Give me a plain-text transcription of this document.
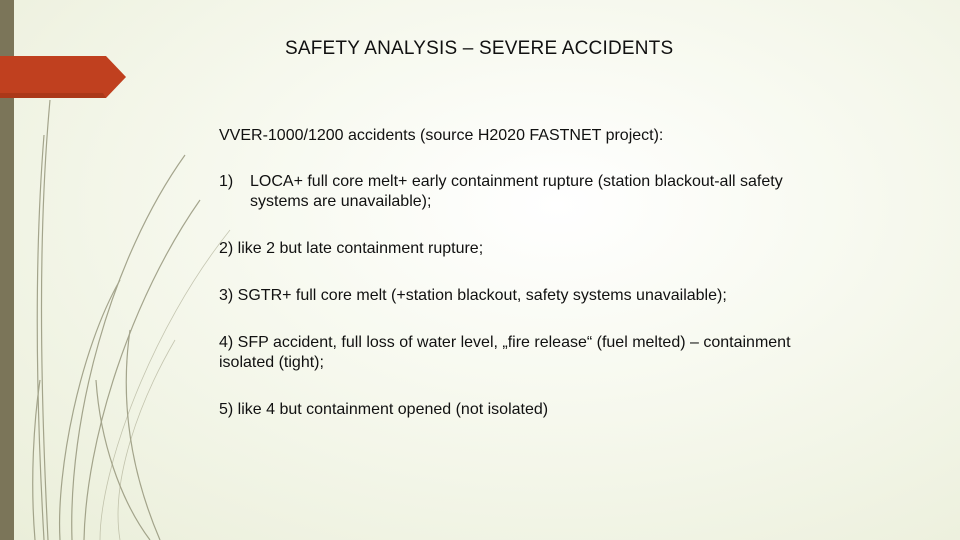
SAFETY ANALYSIS – SEVERE ACCIDENTS
VVER-1000/1200 accidents (source H2020 FASTNET project):
1)	LOCA+ full core melt+ early containment rupture (station blackout-all safety systems are unavailable);
2) like 2 but late containment rupture;
3) SGTR+ full core melt (+station blackout, safety systems unavailable);
4) SFP accident, full loss of water level, „fire release“ (fuel melted) – containment isolated (tight);
5) like 4 but containment opened (not isolated)
